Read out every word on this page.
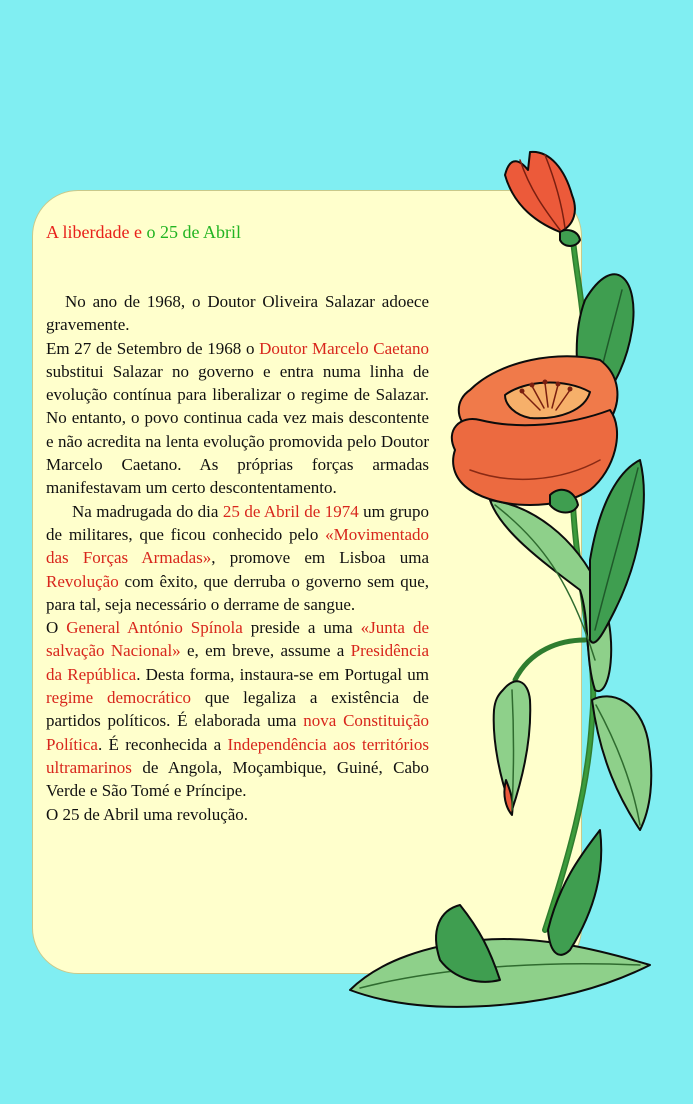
A liberdade e o 25 de Abril

No ano de 1968, o Doutor Oliveira Salazar adoece gravemente.

Em 27 de Setembro de 1968 o Doutor Marcelo Caetano substitui Salazar no governo e entra numa linha de evolução contínua para liberalizar o regime de Salazar. No entanto, o povo continua cada vez mais descontente e não acredita na lenta evolução promovida pelo Doutor Marcelo Caetano. As próprias forças armadas manifestavam um certo descontentamento.

Na madrugada do dia 25 de Abril de 1974 um grupo de militares, que ficou conhecido pelo «Movimentado das Forças Armadas», promove em Lisboa uma Revolução com êxito, que derruba o governo sem que, para tal, seja necessário o derrame de sangue.

O General António Spínola preside a uma «Junta de salvação Nacional» e, em breve, assume a Presidência da República. Desta forma, instaura-se em Portugal um regime democrático que legaliza a existência de partidos políticos. É elaborada uma nova Constituição Política. É reconhecida a Independência aos territórios ultramarinos de Angola, Moçambique, Guiné, Cabo Verde e São Tomé e Príncipe.

O 25 de Abril uma revolução.
